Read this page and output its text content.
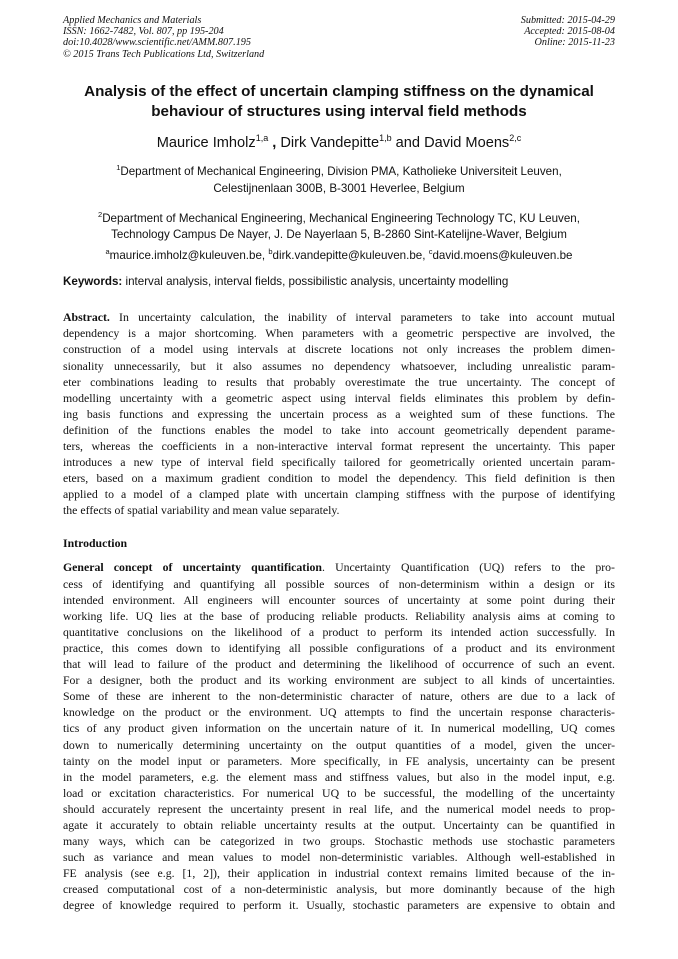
Applied Mechanics and Materials
ISSN: 1662-7482, Vol. 807, pp 195-204
doi:10.4028/www.scientific.net/AMM.807.195
© 2015 Trans Tech Publications Ltd, Switzerland
Submitted: 2015-04-29
Accepted: 2015-08-04
Online: 2015-11-23
Analysis of the effect of uncertain clamping stiffness on the dynamical
behaviour of structures using interval field methods
Maurice Imholz$^{1,a}$ , Dirk Vandepitte$^{1,b}$ and David Moens$^{2,c}$
$^1$Department of Mechanical Engineering, Division PMA, Katholieke Universiteit Leuven,
Celestijnenlaan 300B, B-3001 Heverlee, Belgium
$^2$Department of Mechanical Engineering, Mechanical Engineering Technology TC, KU Leuven,
Technology Campus De Nayer, J. De Nayerlaan 5, B-2860 Sint-Katelijne-Waver, Belgium
$^a$maurice.imholz@kuleuven.be, $^b$dirk.vandepitte@kuleuven.be, $^c$david.moens@kuleuven.be
Keywords: interval analysis, interval fields, possibilistic analysis, uncertainty modelling
Abstract. In uncertainty calculation, the inability of interval parameters to take into account mutual
dependency is a major shortcoming. When parameters with a geometric perspective are involved, the
construction of a model using intervals at discrete locations not only increases the problem dimen-
sionality unnecessarily, but it also assumes no dependency whatsoever, including unrealistic param-
eter combinations leading to results that probably overestimate the true uncertainty. The concept of
modelling uncertainty with a geometric aspect using interval fields eliminates this problem by defin-
ing basis functions and expressing the uncertain process as a weighted sum of these functions. The
definition of the functions enables the model to take into account geometrically dependent parame-
ters, whereas the coefficients in a non-interactive interval format represent the uncertainty. This paper
introduces a new type of interval field specifically tailored for geometrically oriented uncertain param-
eters, based on a maximum gradient condition to model the dependency. This field definition is then
applied to a model of a clamped plate with uncertain clamping stiffness with the purpose of identifying
the effects of spatial variability and mean value separately.
Introduction
General concept of uncertainty quantification. Uncertainty Quantification (UQ) refers to the pro-
cess of identifying and quantifying all possible sources of non-determinism within a design or its
intended environment. All engineers will encounter sources of uncertainty at some point during their
working life. UQ lies at the base of producing reliable products. Reliability analysis aims at coming to
quantitative conclusions on the likelihood of a product to perform its intended action successfully. In
practice, this comes down to identifying all possible configurations of a product and its environment
that will lead to failure of the product and determining the likelihood of occurrence of such an event.
For a designer, both the product and its working environment are subject to all kinds of uncertainties.
Some of these are inherent to the non-deterministic character of nature, others are due to a lack of
knowledge on the product or the environment. UQ attempts to find the uncertain response characteris-
tics of any product given information on the uncertain nature of it. In numerical modelling, UQ comes
down to numerically determining uncertainty on the output quantities of a model, given the uncer-
tainty on the model input or parameters. More specifically, in FE analysis, uncertainty can be present
in the model parameters, e.g. the element mass and stiffness values, but also in the model input, e.g.
load or excitation characteristics. For numerical UQ to be successful, the modelling of the uncertainty
should accurately represent the uncertainty present in real life, and the numerical model needs to prop-
agate it accurately to obtain reliable uncertainty results at the output. Uncertainty can be quantified in
many ways, which can be categorized in two groups. Stochastic methods use stochastic parameters
such as variance and mean values to model non-deterministic variables. Although well-established in
FE analysis (see e.g. [1, 2]), their application in industrial context remains limited because of the in-
creased computational cost of a non-deterministic analysis, but more dominantly because of the high
degree of knowledge required to perform it. Usually, stochastic parameters are expensive to obtain and
